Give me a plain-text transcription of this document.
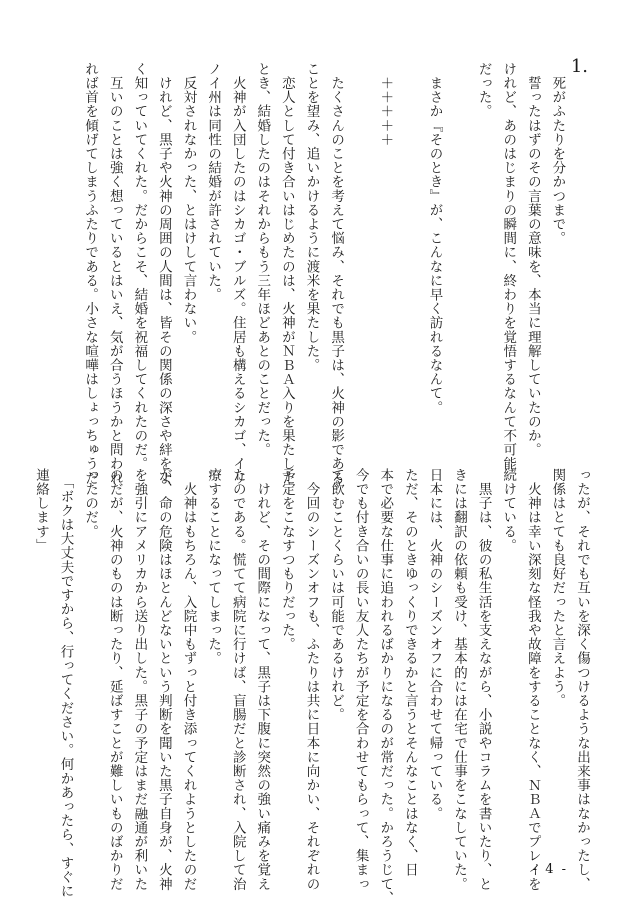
1.
　死がふたりを分かつまで。
　誓ったはずのその言葉の意味を、本当に理解していたのか。
けれど、あのはじまりの瞬間に、終わりを覚悟するなんて不可能
だった。
　まさか『そのとき』が、こんなに早く訪れるなんて。
　＋＋＋＋＋
　たくさんのことを考えて悩み、それでも黒子は、火神の影である
ことを望み、追いかけるように渡米を果たした。
　恋人として付き合いはじめたのは、火神がＮＢＡ入りを果たした
とき、結婚したのはそれからもう三年ほどあとのことだった。
　火神が入団したのはシカゴ・ブルズ。住居も構えるシカゴ、イリ
ノイ州は同性の結婚が許されていた。
　反対されなかった、とはけして言わない。
　けれど、黒子や火神の周囲の人間は、皆その関係の深さや絆をよ
く知っていてくれた。だからこそ、結婚を祝福してくれたのだ。
　互いのことは強く想っているとはいえ、気が合うほうかと問われ
れば首を傾げてしまうふたりである。小さな喧嘩はしょっちゅうだ
ったが、それでも互いを深く傷つけるような出来事はなかったし、
関係はとても良好だったと言えよう。
　火神は幸い深刻な怪我や故障をすることなく、ＮＢＡでプレイを
続けている。
　黒子は、彼の私生活を支えながら、小説やコラムを書いたり、と
きには翻訳の依頼も受け、基本的には在宅で仕事をこなしていた。
日本には、火神のシーズンオフに合わせて帰っている。
ただ、そのときゆっくりできるかと言うとそんなことはなく、日
本で必要な仕事に追われるばかりになるのが常だった。かろうじて、
今でも付き合いの長い友人たちが予定を合わせてもらって、集まっ
て飲むことくらいは可能であるけれど。
　今回のシーズンオフも、ふたりは共に日本に向かい、それぞれの
予定をこなすつもりだった。
　けれど、その間際になって、黒子は下腹に突然の強い痛みを覚え
たのである。慌てて病院に行けば、盲腸だと診断され、入院して治
療することになってしまった。
　火神はもちろん、入院中もずっと付き添ってくれようとしたのだ
が、命の危険はほとんどないという判断を聞いた黒子自身が、火神
を強引にアメリカから送り出した。黒子の予定はまだ融通が利いた
のだが、火神のものは断ったり、延ばすことが難しいものばかりだ
ったのだ。
　「ボクは大丈夫ですから、行ってください。何かあったら、すぐに
連絡します」
- 4 -
